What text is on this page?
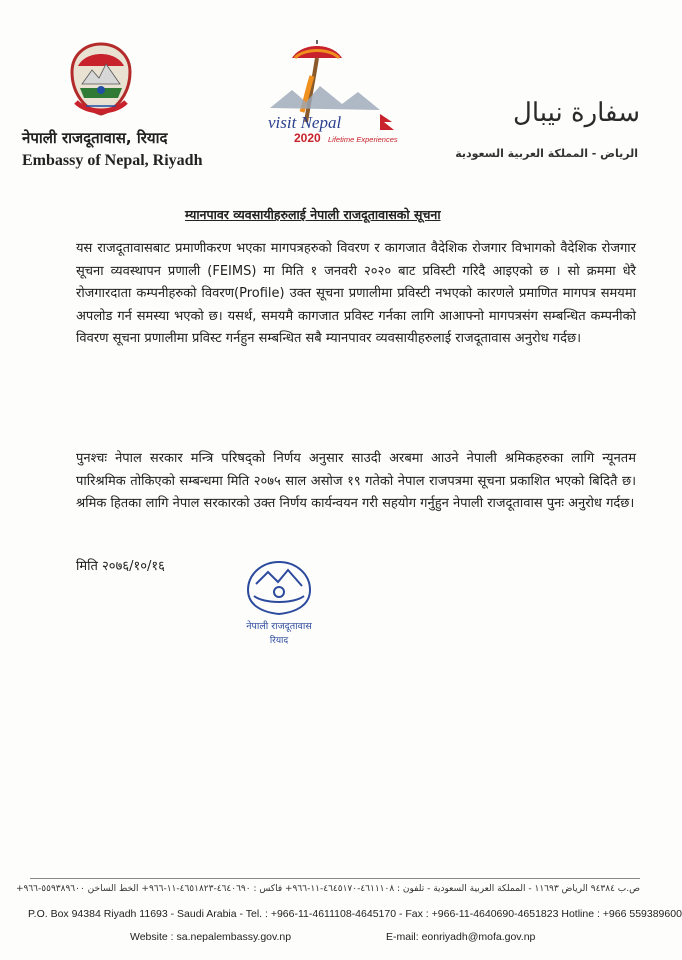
नेपाली राजदूतावास, रियाद
Embassy of Nepal, Riyadh
visit Nepal
2020 Lifetime Experiences
سفارة نيبال
الرياض - المملكة العربية السعودية
म्यानपावर व्यवसायीहरुलाई नेपाली राजदूतावासको सूचना
यस राजदूतावासबाट प्रमाणीकरण भएका मागपत्रहरुको विवरण र कागजात वैदेशिक रोजगार विभागको वैदेशिक रोजगार सूचना व्यवस्थापन प्रणाली (FEIMS) मा मिति १ जनवरी २०२० बाट प्रविस्टी गरिदै आइएको छ । सो क्रममा धेरै रोजगारदाता कम्पनीहरुको विवरण(Profile) उक्त सूचना प्रणालीमा प्रविस्टी नभएको कारणले प्रमाणित मागपत्र समयमा अपलोड गर्न समस्या भएको छ। यसर्थ, समयमै कागजात प्रविस्ट गर्नका लागि आआफ्नो मागपत्रसंग सम्बन्धित कम्पनीको विवरण सूचना प्रणालीमा प्रविस्ट गर्नहुन सम्बन्धित सबै म्यानपावर व्यवसायीहरुलाई राजदूतावास अनुरोध गर्दछ।
पुनश्चः नेपाल सरकार मन्त्रि परिषद्को निर्णय अनुसार साउदी अरबमा आउने नेपाली श्रमिकहरुका लागि न्यूनतम पारिश्रमिक तोकिएको सम्बन्धमा मिति २०७५ साल असोज १९ गतेको नेपाल राजपत्रमा सूचना प्रकाशित भएको बिदितै छ। श्रमिक हितका लागि नेपाल सरकारको उक्त निर्णय कार्यन्वयन गरी सहयोग गर्नुहुन नेपाली राजदूतावास पुनः अनुरोध गर्दछ।
मिति २०७६/१०/१६
नेपाली राजदूतावास
रियाद
ص.ب ٩٤٣٨٤ الرياض ١١٦٩٣ - المملكة العربية السعودية - تلفون : ٤٦١١١٠٨-٤٦٤٥١٧٠-١١-٩٦٦+ فاكس : ٤٦٤٠٦٩٠-٤٦٥١٨٢٣-١١-٩٦٦+ الخط الساخن ٥٥٩٣٨٩٦٠٠-٩٦٦+
P.O. Box 94384 Riyadh 11693 - Saudi Arabia - Tel. : +966-11-4611108-4645170 - Fax : +966-11-4640690-4651823 Hotline : +966 559389600
Website : sa.nepalembassy.gov.np	E-mail: eonriyadh@mofa.gov.np
